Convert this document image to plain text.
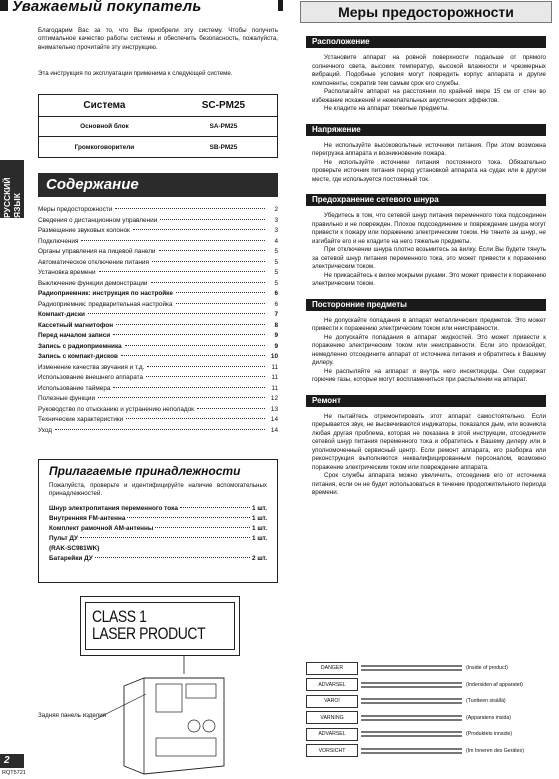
Уважаемый покупатель
Благодарим Вас за то, что Вы приобрели эту систему. Чтобы получить оптимальное качество работы системы и обеспечить безопасность, пожалуйста, внимательно прочитайте эту инструкцию.
Эта инструкция по эксплуатации применима к следующей системе.
Система	SC-PM25
Основной блок	SA-PM25
Громкоговорители	SB-PM25
РУССКИЙ ЯЗЫК
Содержание
Меры предосторожности	2
Сведения о дистанционном управлении	3
Размещение звуковых колонок	3
Подключения	4
Органы управления на лицевой панели	5
Автоматическое отключение питания	5
Установка времени	5
Выключение функции демонстрации	5
Радиоприемник: инструкция по настройке	6
Радиоприемник: предварительная настройка	6
Компакт-диски	7
Кассетный магнитофон	8
Перед началом записи	9
Запись с радиоприемника	9
Запись с компакт-дисков	10
Изменение качества звучания и т.д.	11
Использование внешнего аппарата	11
Использование таймера	11
Полезные функции	12
Руководство по отысканию и устранению неполадок	13
Технические характеристики	14
Уход	14
Прилагаемые принадлежности
Пожалуйста, проверьте и идентифицируйте наличие вспомогательных принадлежностей.
Шнур электропитания переменного тока	1 шт.
Внутренняя FM-антенна	1 шт.
Комплект рамочной АМ-антенны	1 шт.
Пульт ДУ	1 шт.
(RAK-SC981WK)
Батарейки ДУ	2 шт.
CLASS 1
LASER PRODUCT
Задняя панель изделия
2
RQT5721
Меры предосторожности
Расположение

Установите аппарат на ровной поверхности подальше от прямого солнечного света, высоких температур, высокой влажности и чрезмерных вибраций. Подобные условия могут повредить корпус аппарата и другие компоненты, сократив тем самым срок его службы.

Располагайте аппарат на расстоянии по крайней мере 15 см от стен во избежание искажений и нежелательных акустических эффектов.

Не кладите на аппарат тяжелые предметы.

Напряжение

Не используйте высоковольтные источники питания. При этом возможна перегрузка аппарата и возникновение пожара.

Не используйте источники питания постоянного тока. Обязательно проверьте источник питания перед установкой аппарата на судах или в другом месте, где используется постоянный ток.

Предохранение сетевого шнура

Убедитесь в том, что сетевой шнур питания переменного тока подсоединен правильно и не поврежден. Плохое подсоединение и повреждение шнура могут привести к пожару или поражению электрическим током. Не тяните за шнур, не изгибайте его и не кладите на него тяжелые предметы.

При отключении шнура плотно возьмитесь за вилку. Если Вы будете тянуть за сетевой шнур питания переменного тока, это может привести к поражению электрическим током.

Не прикасайтесь к вилке мокрыми руками. Это может привести к поражению электрическим током.

Посторонние предметы

Не допускайте попадания в аппарат металлических предметов. Это может привести к поражению электрическим током или неисправности.

Не допускайте попадания в аппарат жидкостей. Это может привести к поражению электрическим током или неисправности. Если это произойдет, немедленно отсоедините аппарат от источника питания и обратитесь к Вашему дилеру.

Не распыляйте на аппарат и внутрь него инсектициды. Они содержат горючие газы, которые могут воспламениться при распылении на аппарат.

Ремонт

Не пытайтесь отремонтировать этот аппарат самостоятельно. Если прерывается звук, не высвечиваются индикаторы, показался дым, или возникла любая другая проблема, которая не показана в этой инструкции, отсоедините сетевой шнур питания переменного тока и обратитесь к Вашему дилеру или в уполномоченный сервисный центр. Если ремонт аппарата, его разборка или реконструкция выполняются неквалифицированным персоналом, возможно поражение электрическим током или повреждение аппарата.

Срок службы аппарата можно увеличить, отсоединив его от источника питания, если он не будет использоваться в течение продолжительного периода времени.

DANGER	(Inside of product)
ADVARSEL	(Indersiden af apparatet)
VARO!	(Tuotteen sisällä)
VARNING	(Apparatens insida)
ADVARSEL	(Produktets innside)
VORSICHT	(Im Inneren des Gerätes)
